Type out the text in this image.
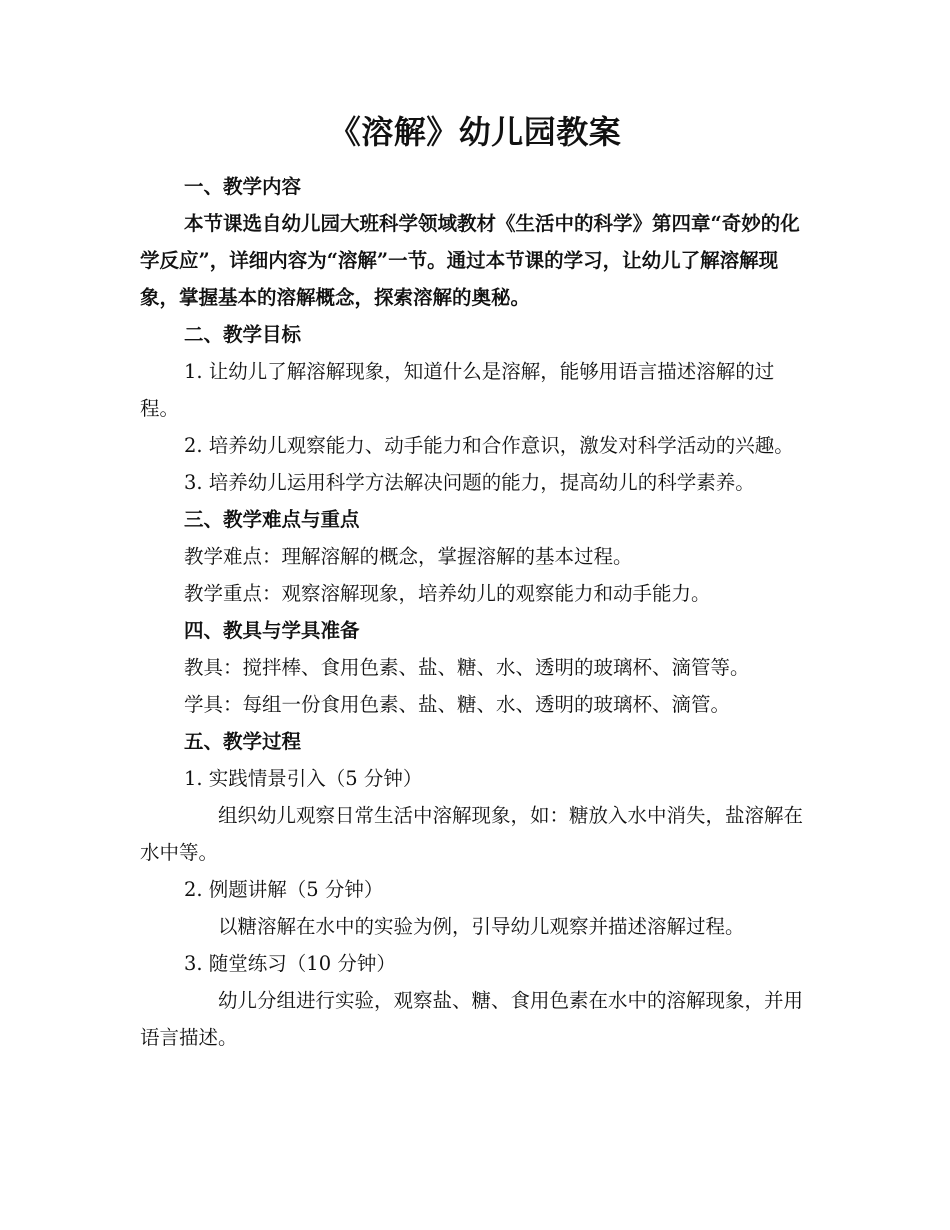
《溶解》幼儿园教案
一、教学内容
本节课选自幼儿园大班科学领域教材《生活中的科学》第四章“奇妙的化学反应”，详细内容为“溶解”一节。通过本节课的学习，让幼儿了解溶解现象，掌握基本的溶解概念，探索溶解的奥秘。
二、教学目标
1. 让幼儿了解溶解现象，知道什么是溶解，能够用语言描述溶解的过程。
2. 培养幼儿观察能力、动手能力和合作意识，激发对科学活动的兴趣。
3. 培养幼儿运用科学方法解决问题的能力，提高幼儿的科学素养。
三、教学难点与重点
教学难点：理解溶解的概念，掌握溶解的基本过程。
教学重点：观察溶解现象，培养幼儿的观察能力和动手能力。
四、教具与学具准备
教具：搅拌棒、食用色素、盐、糖、水、透明的玻璃杯、滴管等。
学具：每组一份食用色素、盐、糖、水、透明的玻璃杯、滴管。
五、教学过程
1. 实践情景引入（5 分钟）
组织幼儿观察日常生活中溶解现象，如：糖放入水中消失，盐溶解在水中等。
2. 例题讲解（5 分钟）
以糖溶解在水中的实验为例，引导幼儿观察并描述溶解过程。
3. 随堂练习（10 分钟）
幼儿分组进行实验，观察盐、糖、食用色素在水中的溶解现象，并用语言描述。
